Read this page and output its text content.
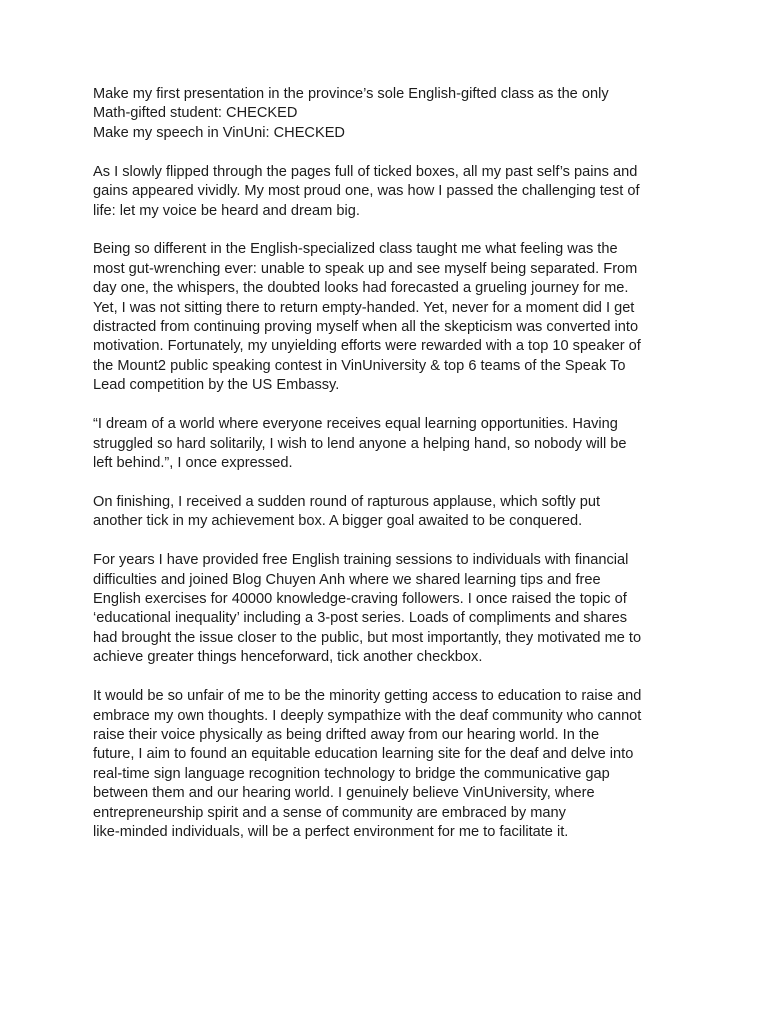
Make my first presentation in the province’s sole English-gifted class as the only
Math-gifted student: CHECKED
Make my speech in VinUni: CHECKED

As I slowly flipped through the pages full of ticked boxes, all my past self’s pains and
gains appeared vividly. My most proud one, was how I passed the challenging test of
life: let my voice be heard and dream big.

Being so different in the English-specialized class taught me what feeling was the
most gut-wrenching ever: unable to speak up and see myself being separated. From
day one, the whispers, the doubted looks had forecasted a grueling journey for me.
Yet, I was not sitting there to return empty-handed. Yet, never for a moment did I get
distracted from continuing proving myself when all the skepticism was converted into
motivation. Fortunately, my unyielding efforts were rewarded with a top 10 speaker of
the Mount2 public speaking contest in VinUniversity & top 6 teams of the Speak To
Lead competition by the US Embassy.

“I dream of a world where everyone receives equal learning opportunities. Having
struggled so hard solitarily, I wish to lend anyone a helping hand, so nobody will be
left behind.”, I once expressed.

On finishing, I received a sudden round of rapturous applause, which softly put
another tick in my achievement box. A bigger goal awaited to be conquered.

For years I have provided free English training sessions to individuals with financial
difficulties and joined Blog Chuyen Anh where we shared learning tips and free
English exercises for 40000 knowledge-craving followers. I once raised the topic of
‘educational inequality’ including a 3-post series. Loads of compliments and shares
had brought the issue closer to the public, but most importantly, they motivated me to
achieve greater things henceforward, tick another checkbox.

It would be so unfair of me to be the minority getting access to education to raise and
embrace my own thoughts. I deeply sympathize with the deaf community who cannot
raise their voice physically as being drifted away from our hearing world. In the
future, I aim to found an equitable education learning site for the deaf and delve into
real-time sign language recognition technology to bridge the communicative gap
between them and our hearing world. I genuinely believe VinUniversity, where
entrepreneurship spirit and a sense of community are embraced by many
like-minded individuals, will be a perfect environment for me to facilitate it.
